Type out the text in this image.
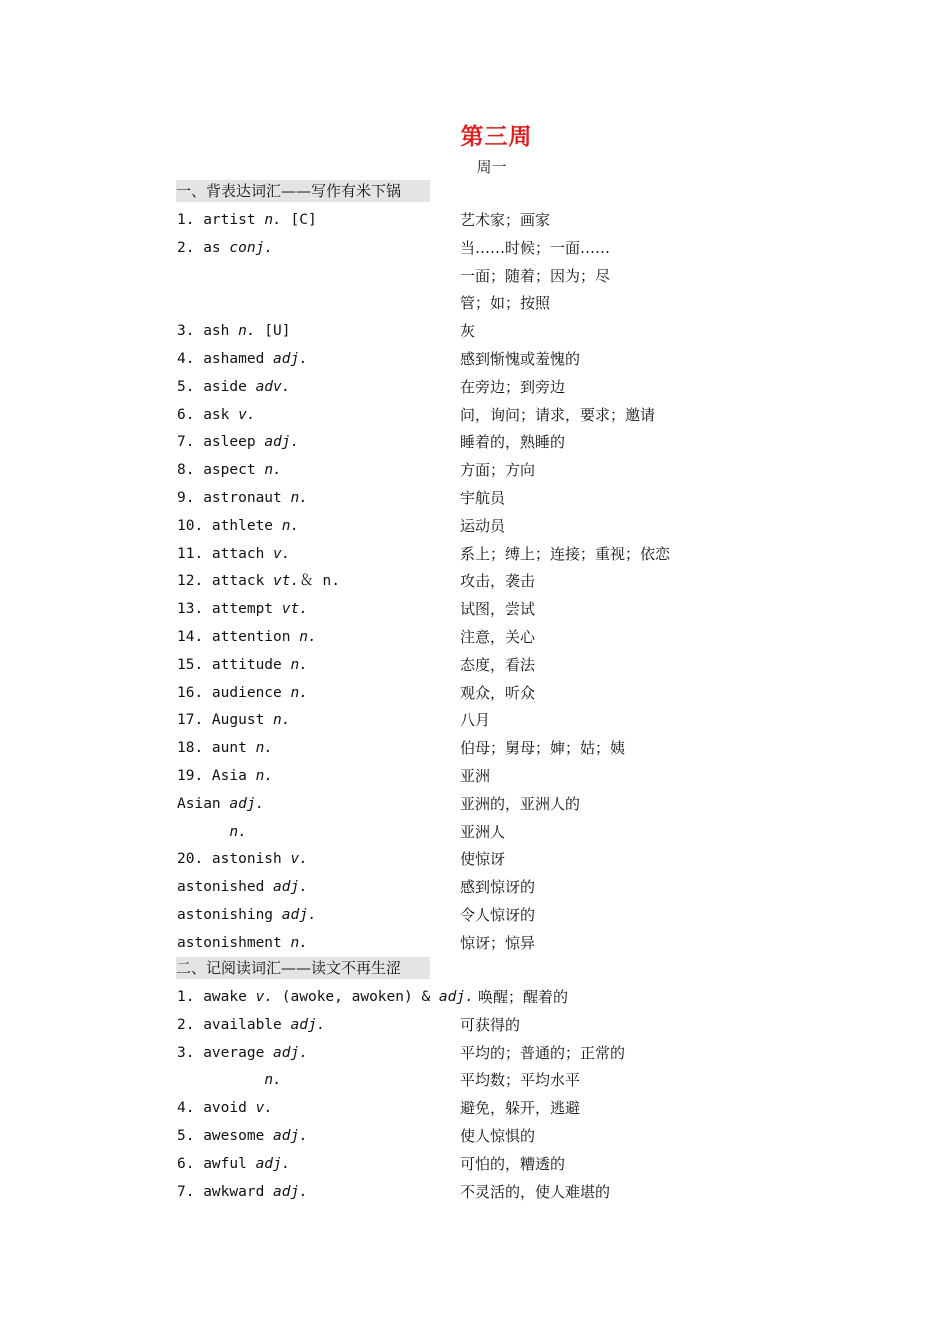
第三周
周一
一、背表达词汇——写作有米下锅
1. artist n. [C]	艺术家；画家
2. as conj.	当……时候；一面……
一面；随着；因为；尽
管；如；按照
3. ash n. [U]	灰
4. ashamed adj.	感到惭愧或羞愧的
5. aside adv.	在旁边；到旁边
6. ask v.	问，询问；请求，要求；邀请
7. asleep adj.	睡着的，熟睡的
8. aspect n.	方面；方向
9. astronaut n.	宇航员
10. athlete n.	运动员
11. attach v.	系上；缚上；连接；重视；依恋
12. attack vt.＆ n.	攻击，袭击
13. attempt vt.	试图，尝试
14. attention n.	注意，关心
15. attitude n.	态度，看法
16. audience n.	观众，听众
17. August n.	八月
18. aunt n.	伯母；舅母；婶；姑；姨
19. Asia n.	亚洲
Asian adj.	亚洲的，亚洲人的
n.	亚洲人
20. astonish v.	使惊讶
astonished adj.	感到惊讶的
astonishing adj.	令人惊讶的
astonishment n.	惊讶；惊异
二、记阅读词汇——读文不再生涩
1. awake v. (awoke, awoken) & adj. 唤醒；醒着的
2. available adj.	可获得的
3. average adj.	平均的；普通的；正常的
n.	平均数；平均水平
4. avoid v.	避免，躲开，逃避
5. awesome adj.	使人惊惧的
6. awful adj.	可怕的，糟透的
7. awkward adj.	不灵活的，使人难堪的
